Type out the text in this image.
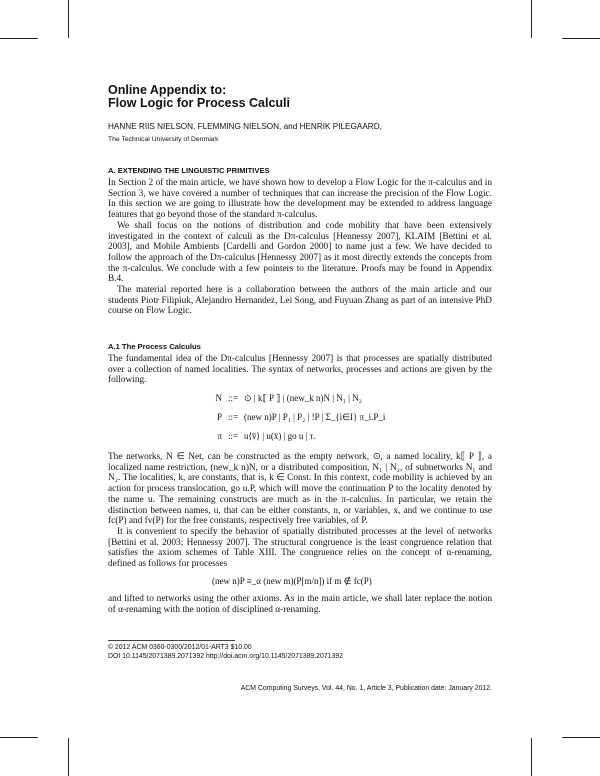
Online Appendix to:
Flow Logic for Process Calculi
HANNE RIIS NIELSON, FLEMMING NIELSON, and HENRIK PILEGAARD,
The Technical University of Denmark
A. EXTENDING THE LINGUISTIC PRIMITIVES

In Section 2 of the main article, we have shown how to develop a Flow Logic for the π-calculus and in Section 3, we have covered a number of techniques that can increase the precision of the Flow Logic. In this section we are going to illustrate how the development may be extended to address language features that go beyond those of the standard π-calculus.

We shall focus on the notions of distribution and code mobility that have been extensively investigated in the context of calculi as the Dπ-calculus [Hennessy 2007], KLAIM [Bettini et al. 2003], and Mobile Ambients [Cardelli and Gordon 2000] to name just a few. We have decided to follow the approach of the Dπ-calculus [Hennessy 2007] as it most directly extends the concepts from the π-calculus. We conclude with a few pointers to the literature. Proofs may be found in Appendix B.4.

The material reported here is a collaboration between the authors of the main article and our students Piotr Filipiuk, Alejandro Hernandez, Lei Song, and Fuyuan Zhang as part of an intensive PhD course on Flow Logic.

A.1 The Process Calculus

The fundamental idea of the Dπ-calculus [Hennessy 2007] is that processes are spatially distributed over a collection of named localities. The syntax of networks, processes and actions are given by the following.

N ::= ⊙ | k⟦ P ⟧ | (new_k n)N | N₁ | N₂
P ::= (new n)P | P₁ | P₂ | !P | Σ_{i∈I} π_i.P_i
π ::= u⟨v̄⟩ | u(x̄) | go u | τ.

The networks, N ∈ Net, can be constructed as the empty network, ⊙, a named locality, k⟦ P ⟧, a localized name restriction, (new_k n)N, or a distributed composition, N₁ | N₂, of subnetworks N₁ and N₂. The localities, k, are constants, that is, k ∈ Const. In this context, code mobility is achieved by an action for process translocation, go u.P, which will move the continuation P to the locality denoted by the name u. The remaining constructs are much as in the π-calculus. In particular, we retain the distinction between names, u, that can be either constants, n, or variables, x, and we continue to use fc(P) and fv(P) for the free constants, respectively free variables, of P.

It is convenient to specify the behavior of spatially distributed processes at the level of networks [Bettini et al. 2003; Hennessy 2007]. The structural congruence is the least congruence relation that satisfies the axiom schemes of Table XIII. The congruence relies on the concept of α-renaming, defined as follows for processes

(new n)P ≡_α (new m)(P[m/n]) if m ∉ fc(P)
© 2012 ACM 0360-0300/2012/01-ART3 $10.00
DOI 10.1145/2071389.2071392 http://doi.acm.org/10.1145/2071389.2071392
ACM Computing Surveys, Vol. 44, No. 1, Article 3, Publication date: January 2012.

and lifted to networks using the other axioms. As in the main article, we shall later replace the notion of α-renaming with the notion of disciplined α-renaming.
